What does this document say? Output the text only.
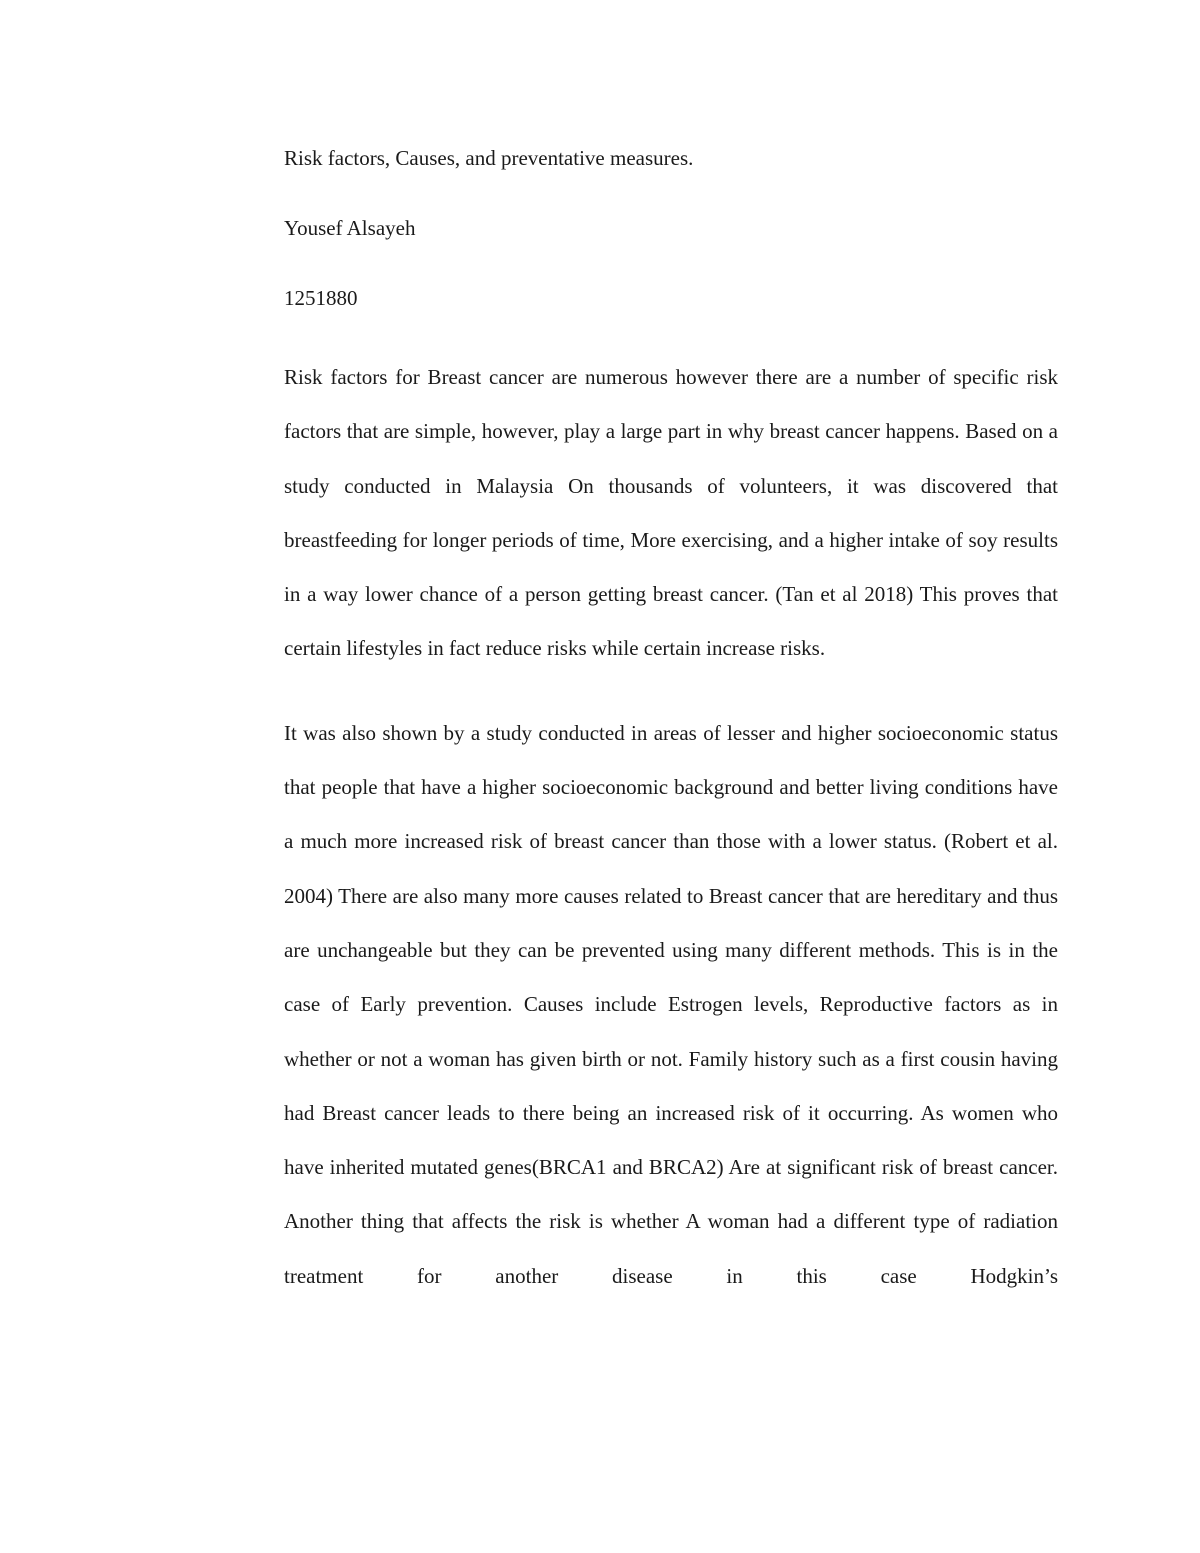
Risk factors, Causes, and preventative measures.

Yousef Alsayeh

1251880

Risk factors for Breast cancer are numerous however there are a number of specific risk factors that are simple, however, play a large part in why breast cancer happens. Based on a study conducted in Malaysia On thousands of volunteers, it was discovered that breastfeeding for longer periods of time, More exercising, and a higher intake of soy results in a way lower chance of a person getting breast cancer. (Tan et al 2018) This proves that certain lifestyles in fact reduce risks while certain increase risks.

It was also shown by a study conducted in areas of lesser and higher socioeconomic status that people that have a higher socioeconomic background and better living conditions have a much more increased risk of breast cancer than those with a lower status. (Robert et al. 2004) There are also many more causes related to Breast cancer that are hereditary and thus are unchangeable but they can be prevented using many different methods. This is in the case of Early prevention. Causes include Estrogen levels, Reproductive factors as in whether or not a woman has given birth or not. Family history such as a first cousin having had Breast cancer leads to there being an increased risk of it occurring. As women who have inherited mutated genes(BRCA1 and BRCA2) Are at significant risk of breast cancer. Another thing that affects the risk is whether A woman had a different type of radiation treatment for another disease in this case Hodgkin’s
